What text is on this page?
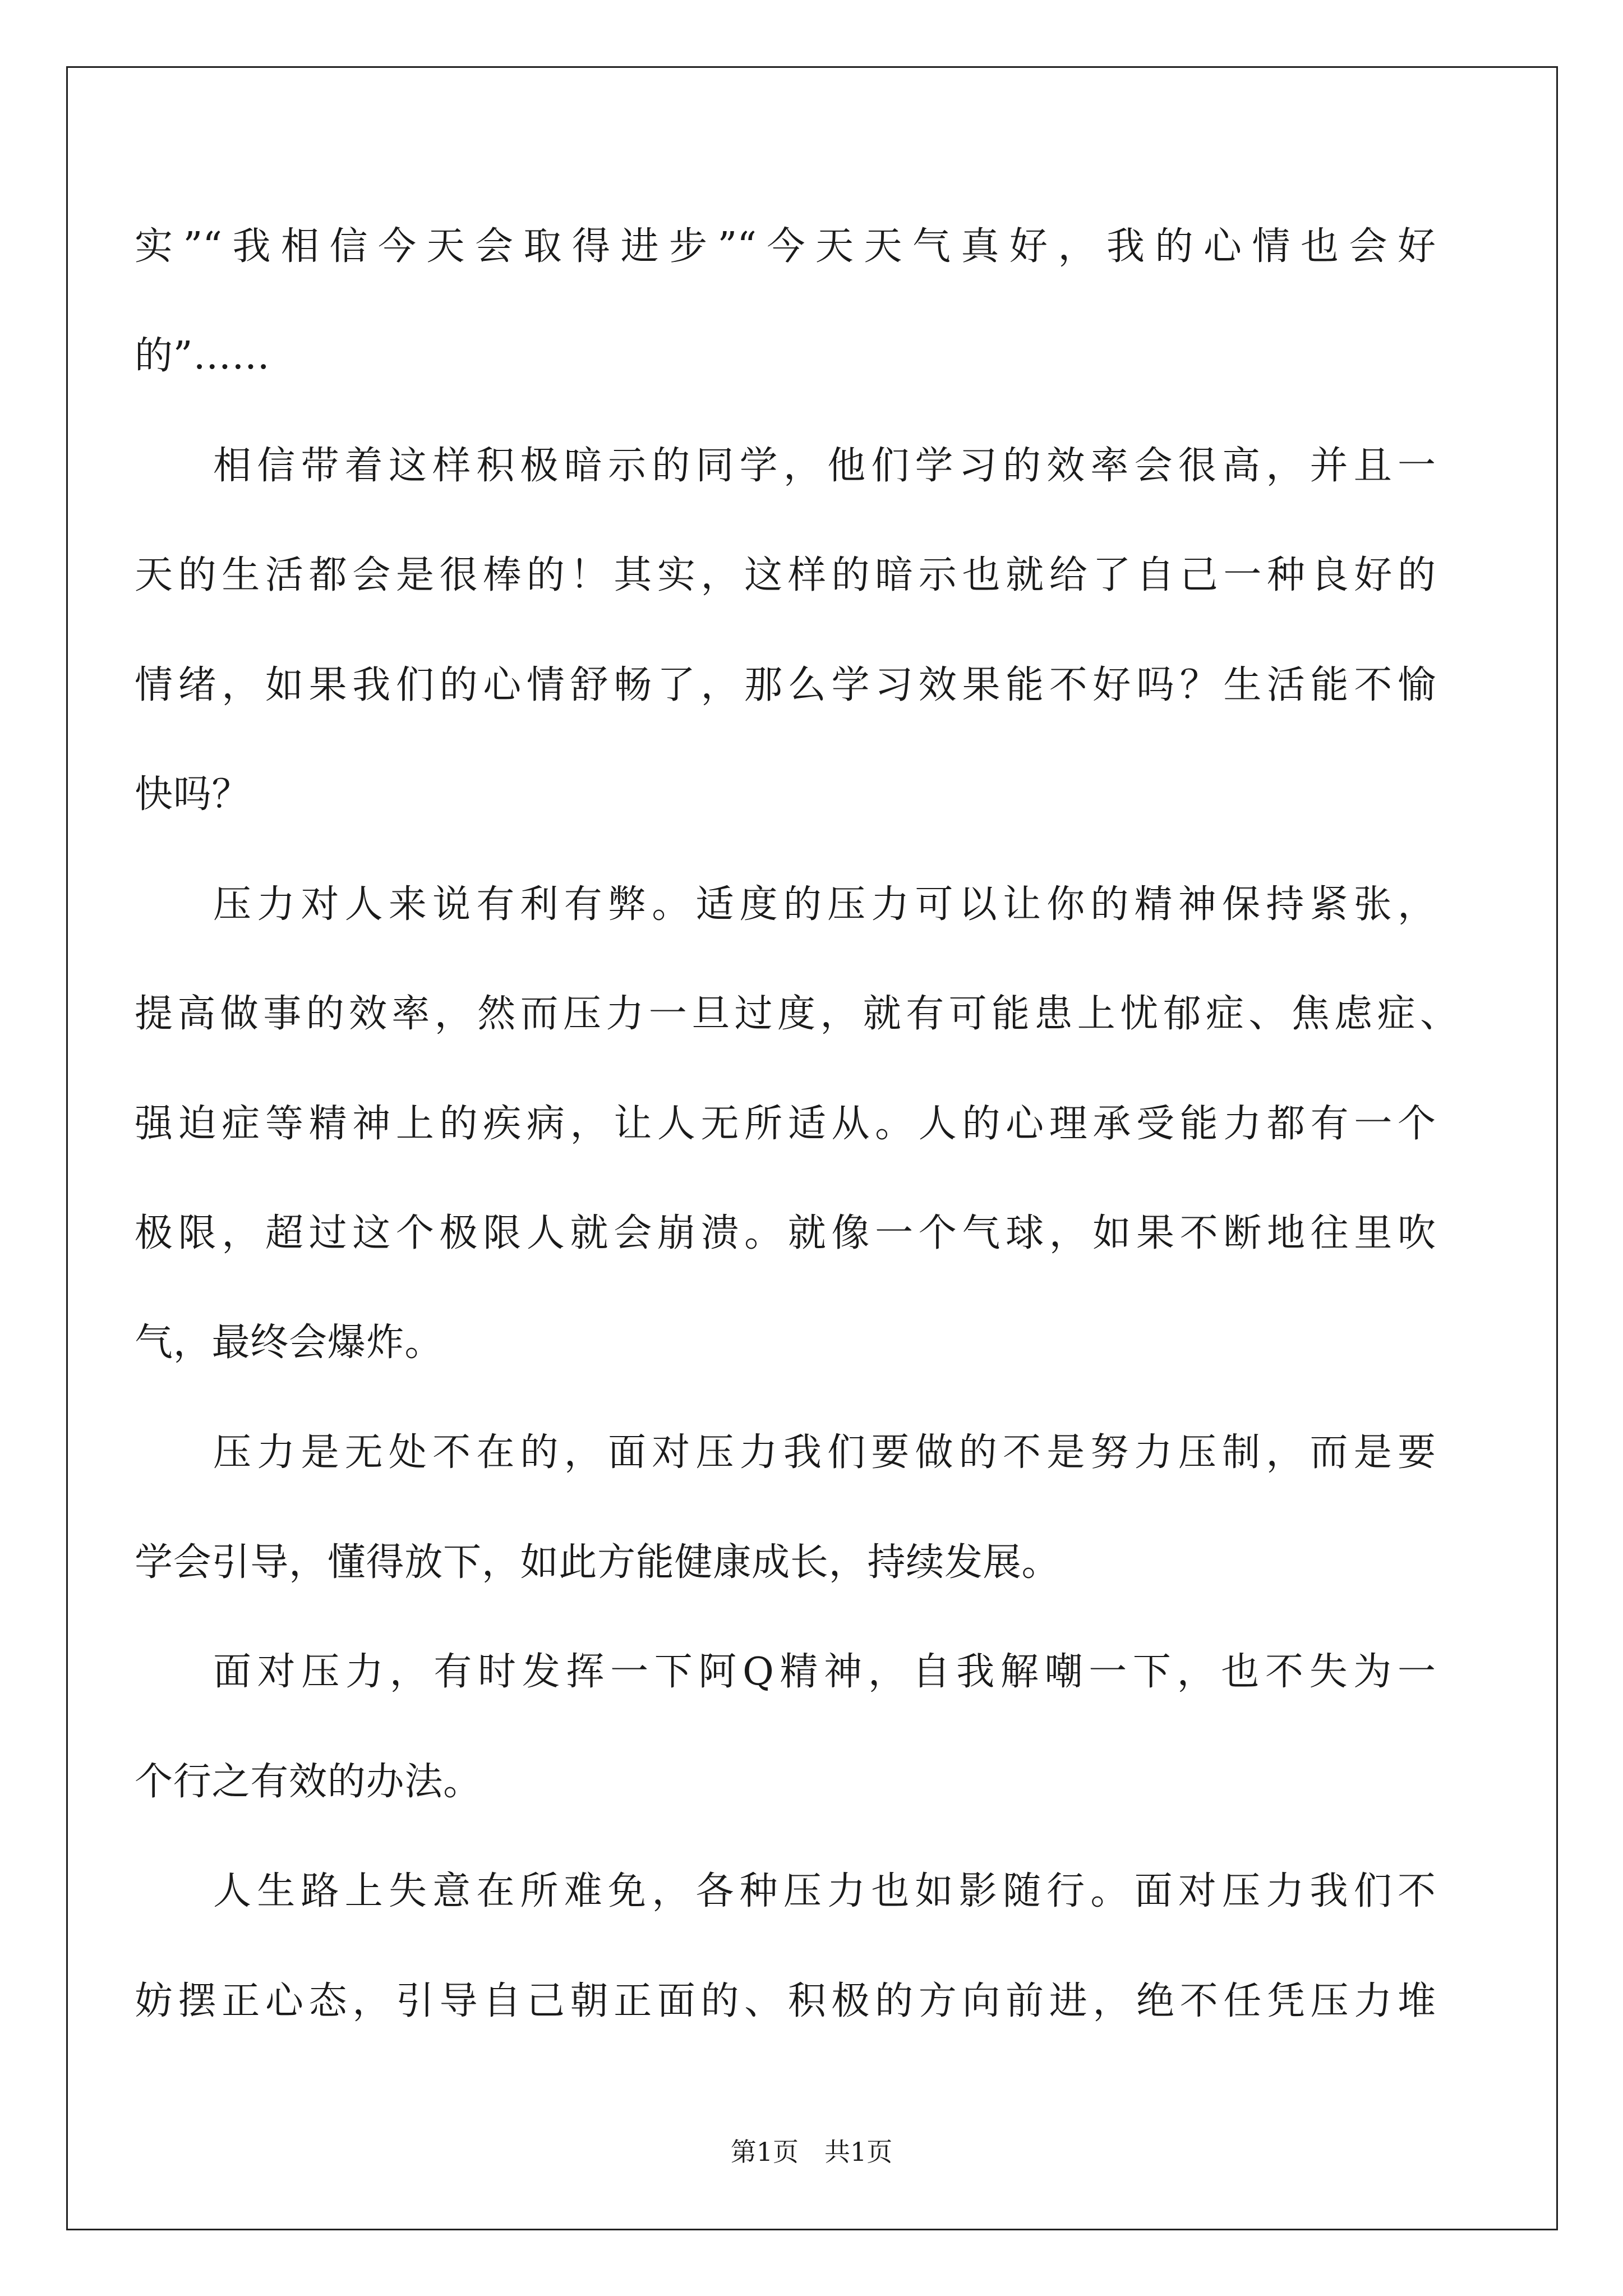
实”“我相信今天会取得进步”“今天天气真好，我的心情也会好
的”……
相信带着这样积极暗示的同学，他们学习的效率会很高，并且一
天的生活都会是很棒的！其实，这样的暗示也就给了自己一种良好的
情绪，如果我们的心情舒畅了，那么学习效果能不好吗？生活能不愉
快吗？
压力对人来说有利有弊。适度的压力可以让你的精神保持紧张，
提高做事的效率，然而压力一旦过度，就有可能患上忧郁症、焦虑症、
强迫症等精神上的疾病，让人无所适从。人的心理承受能力都有一个
极限，超过这个极限人就会崩溃。就像一个气球，如果不断地往里吹
气，最终会爆炸。
压力是无处不在的，面对压力我们要做的不是努力压制，而是要
学会引导，懂得放下，如此方能健康成长，持续发展。
面对压力，有时发挥一下阿Q精神，自我解嘲一下，也不失为一
个行之有效的办法。
人生路上失意在所难免，各种压力也如影随行。面对压力我们不
妨摆正心态，引导自己朝正面的、积极的方向前进，绝不任凭压力堆
第1页　共1页
